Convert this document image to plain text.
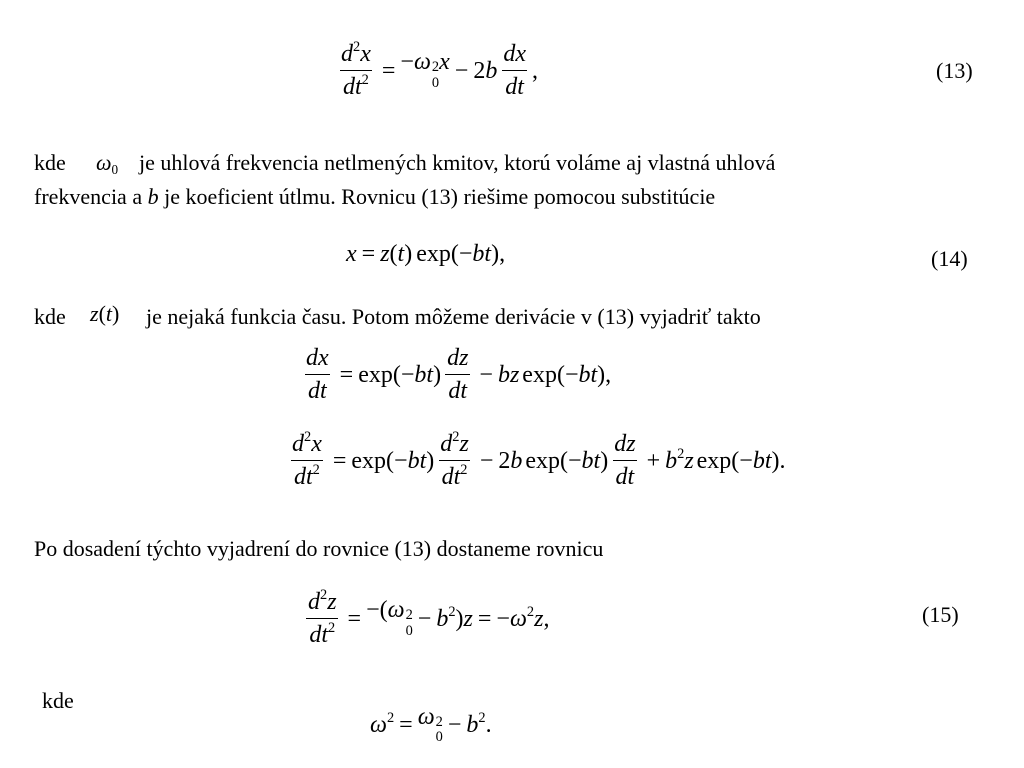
$\frac{d^2x}{dt^2} = -\omega$ 2
0
$x - 2b \frac{dx}{dt}$ ,	(13)
kde $\omega_0$ je uhlová frekvencia netlmených kmitov, ktorú voláme aj vlastná uhlová
frekvencia a b je koeficient útlmu. Rovnicu (13) riešime pomocou substitúcie
x = z ( t ) exp(−bt),	(14)
kde z(t) je nejaká funkcia času. Potom môžeme derivácie v (13) vyjadriť takto
$\frac{dx}{dt} = \exp(-bt) \frac{dz}{dt}$ − bz exp(−bt),
$\frac{d^2x}{dt^2} = \exp(-bt) \frac{d^2z}{dt^2} - 2b$ $\exp(-bt) \frac{dz}{dt} + b^2z$ exp(−bt).
Po dosadení týchto vyjadrení do rovnice (13) dostaneme rovnicu
$\frac{d^2z}{dt^2} = -(\omega$ 2
$0 - b^2)z = -\omega^2z$,	(15)
kde
$\omega^2 = \omega$ 2
$0 - b^2$.
